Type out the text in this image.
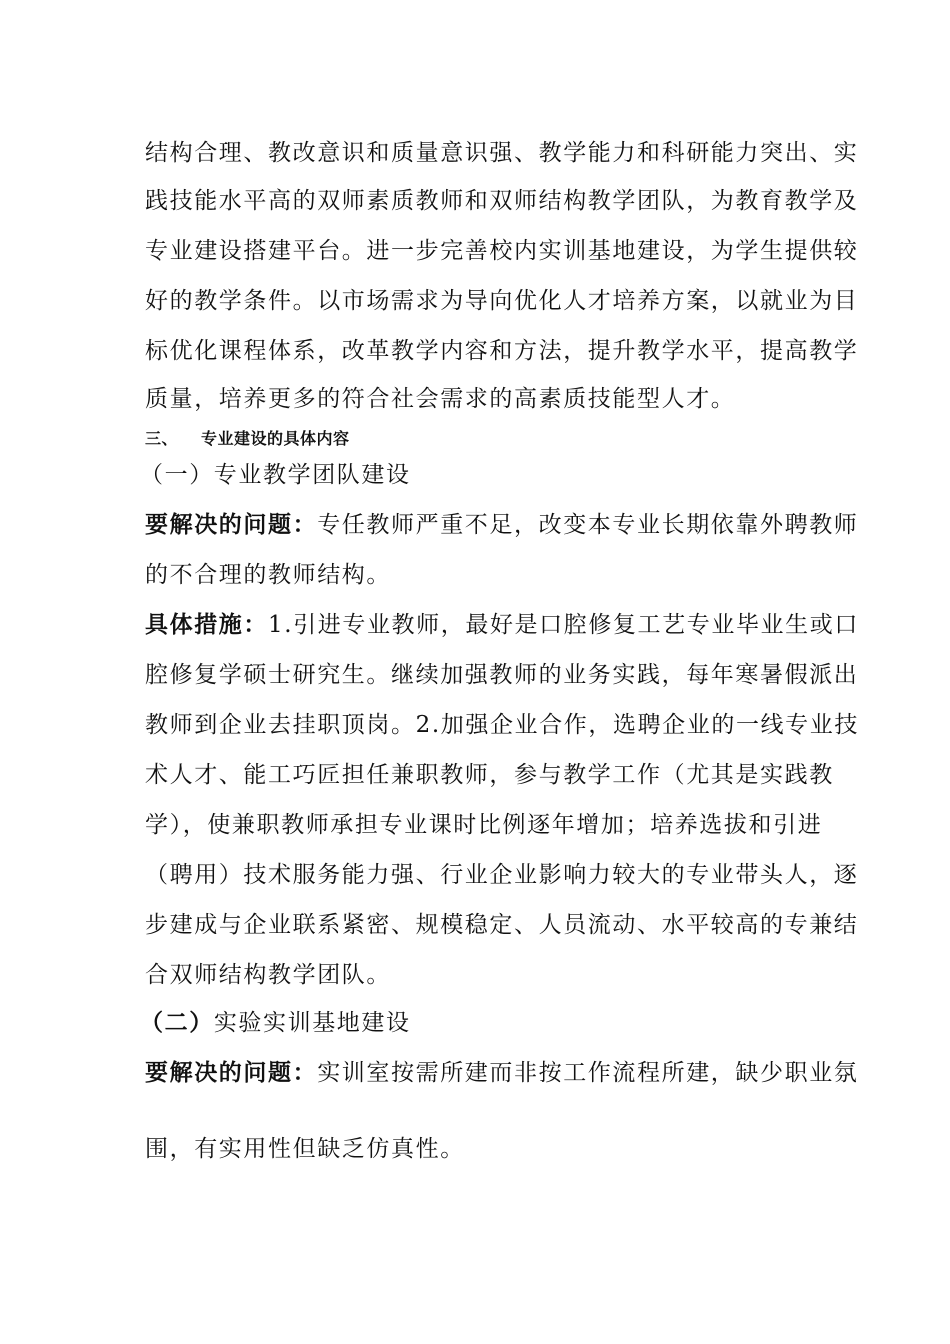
结构合理、教改意识和质量意识强、教学能力和科研能力突出、实
践技能水平高的双师素质教师和双师结构教学团队，为教育教学及
专业建设搭建平台。进一步完善校内实训基地建设，为学生提供较
好的教学条件。以市场需求为导向优化人才培养方案，以就业为目
标优化课程体系，改革教学内容和方法，提升教学水平，提高教学
质量，培养更多的符合社会需求的高素质技能型人才。
三、 专业建设的具体内容
（一）专业教学团队建设
要解决的问题：专任教师严重不足，改变本专业长期依靠外聘教师
的不合理的教师结构。
具体措施：1.引进专业教师，最好是口腔修复工艺专业毕业生或口
腔修复学硕士研究生。继续加强教师的业务实践，每年寒暑假派出
教师到企业去挂职顶岗。2.加强企业合作，选聘企业的一线专业技
术人才、能工巧匠担任兼职教师，参与教学工作（尤其是实践教
学），使兼职教师承担专业课时比例逐年增加；培养选拔和引进
（聘用）技术服务能力强、行业企业影响力较大的专业带头人，逐
步建成与企业联系紧密、规模稳定、人员流动、水平较高的专兼结
合双师结构教学团队。
（二）实验实训基地建设
要解决的问题：实训室按需所建而非按工作流程所建，缺少职业氛
围，有实用性但缺乏仿真性。
